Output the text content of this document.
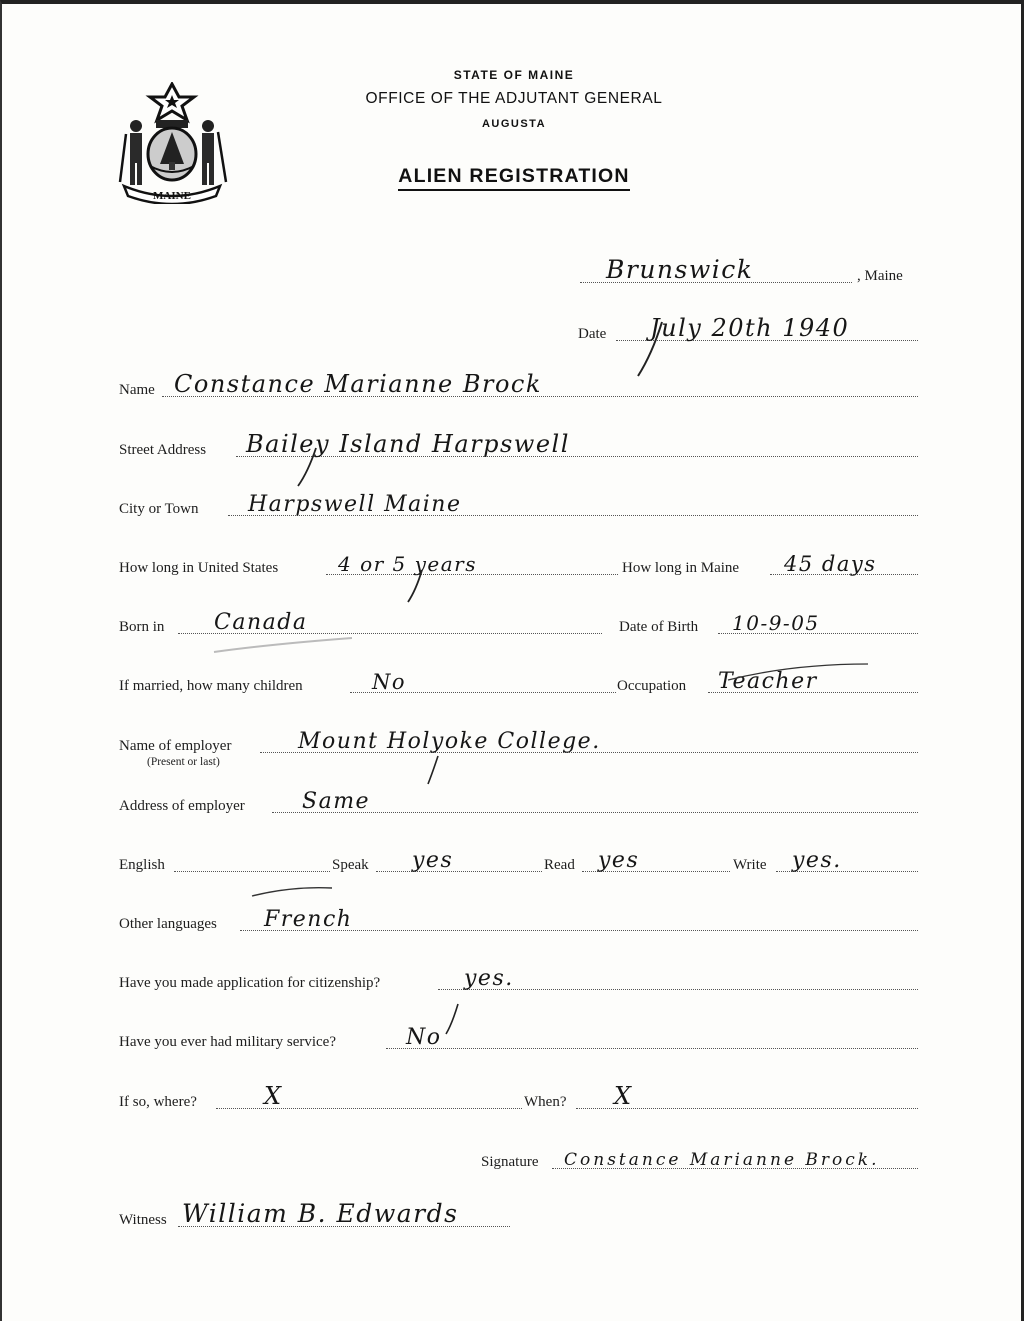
MAINE
STATE OF MAINE
OFFICE OF THE ADJUTANT GENERAL
AUGUSTA
ALIEN REGISTRATION
Brunswick	, Maine
Date July 20th 1940
Name Constance Marianne Brock
Street Address Bailey Island Harpswell
City or Town Harpswell Maine
How long in United States	4 or 5 years	How long in Maine 45 days
Born in Canada	Date of Birth 10-9-05
If married, how many children	No	Occupation Teacher
Name of employer	Mount Holyoke College.
(Present or last)
Address of employer	Same
English	Speak yes	Read yes	Write yes.
Other languages French
Have you made application for citizenship?	yes.
Have you ever had military service?	No
If so, where?	X	When? X
Signature Constance Marianne Brock.
Witness William B. Edwards
